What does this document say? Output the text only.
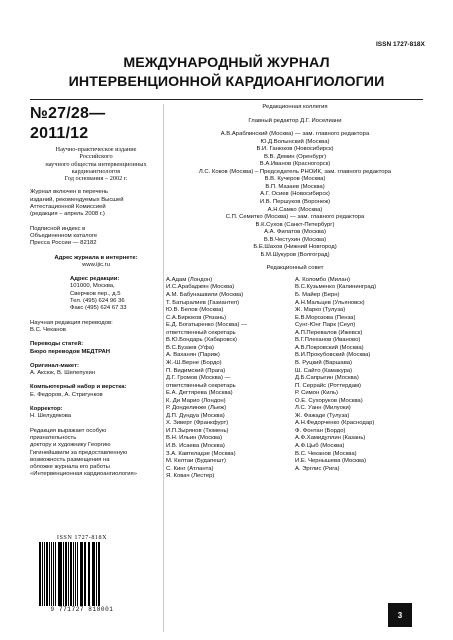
ISSN 1727-818X
МЕЖДУНАРОДНЫЙ ЖУРНАЛ
ИНТЕРВЕНЦИОННОЙ КАРДИОАНГИОЛОГИИ
№27/28—2011/12
Научно-практическое издание
Российского
научного общества интервенционных
кардиоангиологов
Год основания – 2002 г.
Журнал включен в перечень
изданий, рекомендуемых Высшей
Аттестационной Комиссией
(редакция – апрель 2008 г.)
Подписной индекс в
Объединенном каталоге
Пресса России — 82182
Адрес журнала в интернете:
www.ijic.ru
Адрес редакции:
101000, Москва,
Сверчков пер., д.5
Тел. (495) 624 96 36
Факс (495) 624 67 33
Научная редакция переводов:
В.С. Чеканов
Переводы статей:
Бюро переводов МЕДТРАН
Оригинал-макет:
А. Аксюк, В. Шелепухин
Компьютерный набор и верстка:
Е. Федоров, А. Стригунков
Корректор:
Н. Шелудякова
Редакция выражает особую
признательность
доктору и художнику Георгию
Гигинейшвили за предоставленную
возможность размещения на
обложке журнала его работы
«Интервенционная кардиоангиология»
ISSN 1727-818X
9 771727 818001
Редакционная коллегия
Главный редактор Д.Г. Иоселиани
А.В.Араблинский (Москва) — зам. главного редактора
Ю.Д.Волынский (Москва)
В.И. Ганюков (Новосибирск)
В.В. Демин (Оренбург)
В.А.Иванов (Красногорск)
Л.С. Коков (Москва) – Председатель РНОИК, зам. главного редактора
В.В. Кучеров (Москва)
В.П. Мазаев (Москва)
А.Г. Осиев (Новосибирск)
И.В. Першуков (Воронеж)
А.Н.Самко (Москва)
С.П. Семитко (Москва) — зам. главного редактора
В.К.Сухов (Санкт-Петербург)
А.А. Филатов (Москва)
В.В.Честухин (Москва)
Б.Е.Шахов (Нижний Новгород)
Б.М.Шукуров (Волгоград)
Редакционный совет
А.Адам (Лондон)
И.С.Арабаджян (Москва)
А.М. Бабунашвили (Москва)
Т. Батыралиев (Газиантеп)
Ю.В. Белов (Москва)
С.А.Бирюков (Рязань)
Е.Д. Богатыренко (Москва) —
ответственный секретарь
В.Ю.Бондарь (Хабаровск)
В.С.Бузаев (Уфа)
А. Ваханян (Париж)
Ж.-Ш.Верне (Бордо)
П. Видимский (Прага)
Д.Г. Громов (Москва) —
ответственный секретарь
Е.А. Дегтярева (Москва)
К. Ди Марио (Лондон)
Р. Донделинже (Льеж)
Д.П. Дундуа (Москва)
Х. Зиверт (Франкфурт)
И.П.Зырянов (Тюмень)
В.Н. Ильин (Москва)
И.В. Исаева (Москва)
З.А. Кавтеладзе (Москва)
М. Келтаи (Будапешт)
С. Кинг (Атланта)
Я. Ковач (Лестер)
А. Коломбо (Милан)
В.С.Кузьменко (Калининград)
Б. Майер (Берн)
А.Н.Мальцев (Ульяновск)
Ж. Марко (Тулуза)
Е.В.Морозова (Пенза)
Сунг-Юнг Парк (Сеул)
А.П.Перевалов (Ижевск)
В.Г.Плеханов (Иваново)
А.В.Покровский (Москва)
В.И.Прокубовский (Москва)
В. Руцкий (Варшава)
Ш. Сайто (Камакура)
Д.Б.Сапрыгин (Москва)
П. Серрайс (Роттердам)
Р. Симон (Киль)
О.Е. Сухоруков (Москва)
Л.С. Уанн (Милуоки)
Ж. Фажаде (Тулуза)
А.Н.Федорченко (Краснодар)
Ф. Фонтан (Бордо)
А.Ф.Хамидуллин (Казань)
А.Ф.Цыб (Москва)
В.С. Чеканов (Москва)
И.Е. Чернышева (Москва)
А. Эрглис (Рига)
3
